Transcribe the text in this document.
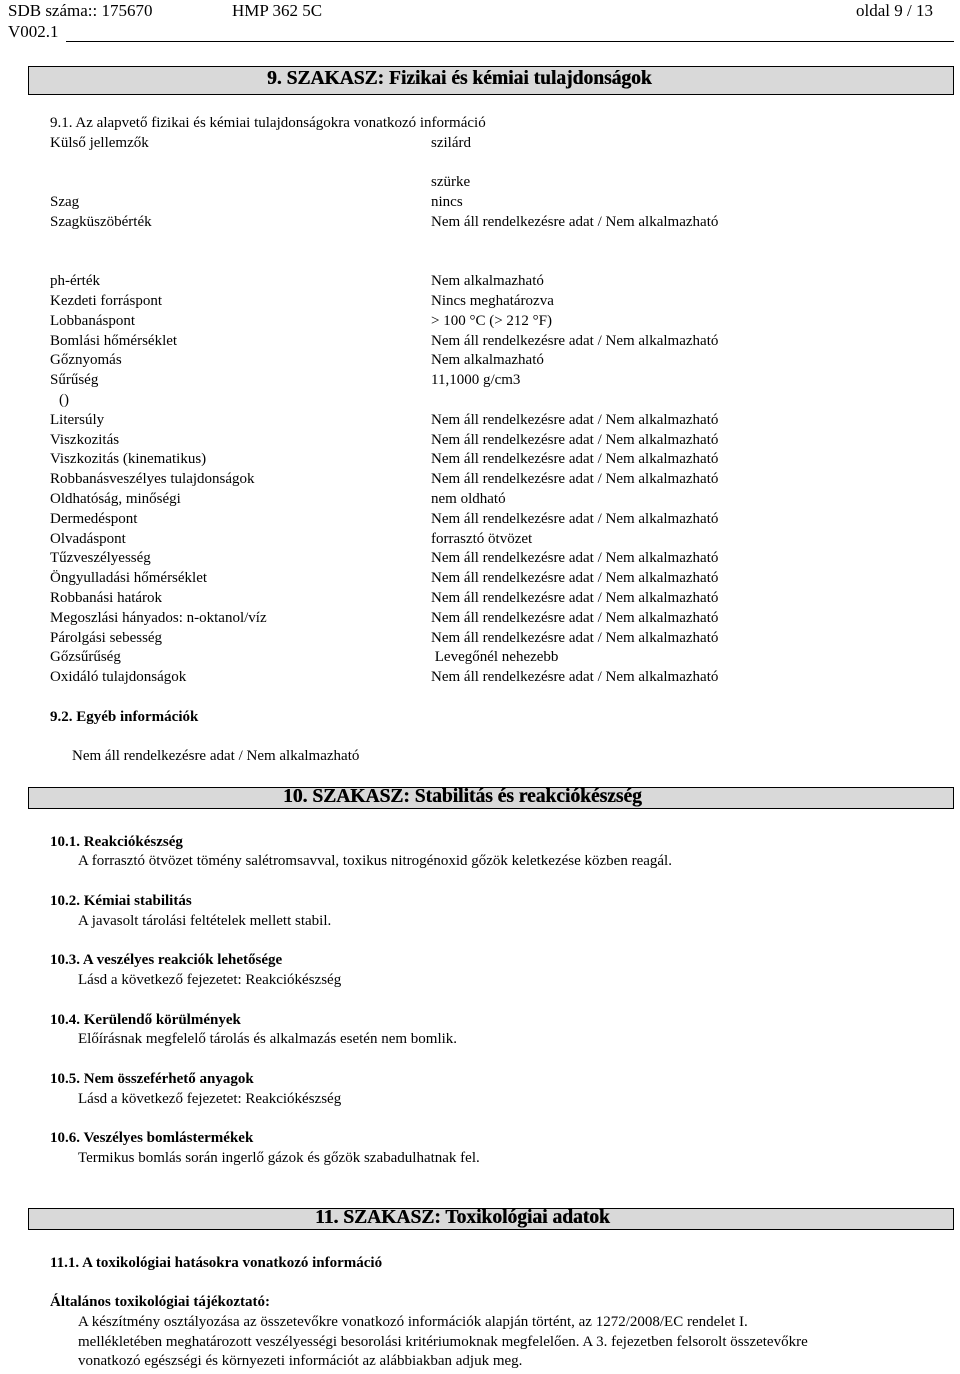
SDB száma:: 175670
V002.1
HMP 362 5C	oldal 9 / 13
9. SZAKASZ: Fizikai és kémiai tulajdonságok
9.1. Az alapvető fizikai és kémiai tulajdonságokra vonatkozó információ
Külső jellemzők	szilárd
szürke
Szag	nincs
Szagküszöbérték	Nem áll rendelkezésre adat / Nem alkalmazható
ph-érték	Nem alkalmazható
Kezdeti forráspont	Nincs meghatározva
Lobbanáspont	> 100 °C (> 212 °F)
Bomlási hőmérséklet	Nem áll rendelkezésre adat / Nem alkalmazható
Gőznyomás	Nem alkalmazható
Sűrűség	11,1000 g/cm3
()
Litersúly	Nem áll rendelkezésre adat / Nem alkalmazható
Viszkozitás	Nem áll rendelkezésre adat / Nem alkalmazható
Viszkozitás (kinematikus)	Nem áll rendelkezésre adat / Nem alkalmazható
Robbanásveszélyes tulajdonságok	Nem áll rendelkezésre adat / Nem alkalmazható
Oldhatóság, minőségi	nem oldható
Dermedéspont	Nem áll rendelkezésre adat / Nem alkalmazható
Olvadáspont	forrasztó ötvözet
Tűzveszélyesség	Nem áll rendelkezésre adat / Nem alkalmazható
Öngyulladási hőmérséklet	Nem áll rendelkezésre adat / Nem alkalmazható
Robbanási határok	Nem áll rendelkezésre adat / Nem alkalmazható
Megoszlási hányados: n-oktanol/víz	Nem áll rendelkezésre adat / Nem alkalmazható
Párolgási sebesség	Nem áll rendelkezésre adat / Nem alkalmazható
Gőzsűrűség	Levegőnél nehezebb
Oxidáló tulajdonságok	Nem áll rendelkezésre adat / Nem alkalmazható
9.2. Egyéb információk
Nem áll rendelkezésre adat / Nem alkalmazható
10. SZAKASZ: Stabilitás és reakciókészség
10.1. Reakciókészség
A forrasztó ötvözet tömény salétromsavval, toxikus nitrogénoxid gőzök keletkezése közben reagál.
10.2. Kémiai stabilitás
A javasolt tárolási feltételek mellett stabil.
10.3. A veszélyes reakciók lehetősége
Lásd a következő fejezetet: Reakciókészség
10.4. Kerülendő körülmények
Előírásnak megfelelő tárolás és alkalmazás esetén nem bomlik.
10.5. Nem összeférhető anyagok
Lásd a következő fejezetet: Reakciókészség
10.6. Veszélyes bomlástermékek
Termikus bomlás során ingerlő gázok és gőzök szabadulhatnak fel.
11. SZAKASZ: Toxikológiai adatok
11.1. A toxikológiai hatásokra vonatkozó információ
Általános toxikológiai tájékoztató:
A készítmény osztályozása az összetevőkre vonatkozó információk alapján történt, az 1272/2008/EC rendelet I.
mellékletében meghatározott veszélyességi besorolási kritériumoknak megfelelően. A 3. fejezetben felsorolt összetevőkre
vonatkozó egészségi és környezeti információt az alábbiakban adjuk meg.
